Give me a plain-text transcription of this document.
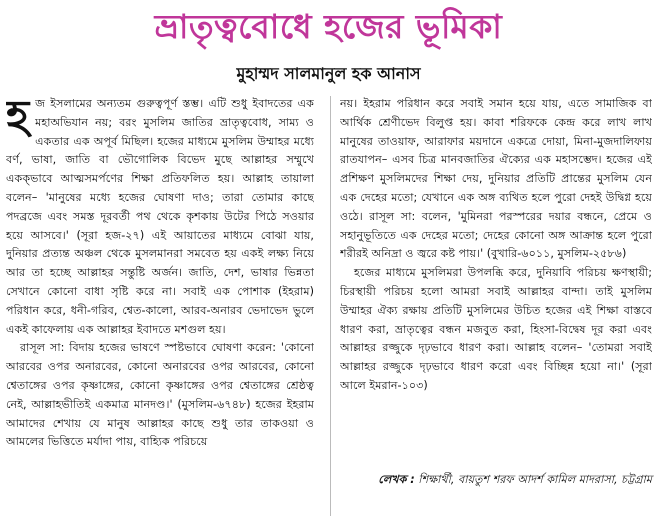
ভ্রাতৃত্ববোধে হজের ভূমিকা
মুহাম্মদ সালমানুল হক আনাস

হজ ইসলামের অন্যতম গুরুত্বপূর্ণ স্তম্ভ। এটি শুধু ইবাদতের এক মহাঅভিযান নয়; বরং মুসলিম জাতির ভ্রাতৃত্ববোধ, সাম্য ও একতার এক অপূর্ব মিছিল। হজের মাধ্যমে মুসলিম উম্মাহর মধ্যে বর্ণ, ভাষা, জাতি বা ভৌগোলিক বিভেদ মুছে আল্লাহর সম্মুখে একক্ভাবে আত্মসমর্পণের শিক্ষা প্রতিফলিত হয়। আল্লাহ তায়ালা বলেন– 'মানুষের মধ্যে হজের ঘোষণা দাও; তারা তোমার কাছে পদব্রজে এবং সমস্ত দূরবর্তী পথ থেকে কৃশকায় উটের পিঠে সওয়ার হয়ে আসবে।' (সূরা হজ-২৭) এই আয়াতের মাধ্যমে বোঝা যায়, দুনিয়ার প্রত্যন্ত অঞ্চল থেকে মুসলমানরা সমবেত হয় একই লক্ষ্য নিয়ে আর তা হচ্ছে আল্লাহর সন্তুষ্টি অর্জন। জাতি, দেশ, ভাষার ভিন্নতা সেখানে কোনো বাধা সৃষ্টি করে না। সবাই এক পোশাক (ইহরাম) পরিধান করে, ধনী-গরিব, শ্বেত-কালো, আরব-অনারব ভেদাভেদ ভুলে একই কাফেলায় এক আল্লাহর ইবাদতে মশগুল হয়।

রাসূল সা: বিদায় হজের ভাষণে স্পষ্টভাবে ঘোষণা করেন: 'কোনো আরবের ওপর অনারবের, কোনো অনারবের ওপর আরবের, কোনো শ্বেতাঙ্গের ওপর কৃষ্ণাঙ্গের, কোনো কৃষ্ণাঙ্গের ওপর শ্বেতাঙ্গের শ্রেষ্ঠত্ব নেই, আল্লাহভীতিই একমাত্র মানদণ্ড।' (মুসলিম-৬৭৪৮) হজের ইহরাম আমাদের শেখায় যে মানুষ আল্লাহর কাছে শুধু তার তাকওয়া ও আমলের ভিত্তিতে মর্যাদা পায়, বাহ্যিক পরিচয়ে

নয়। ইহরাম পরিধান করে সবাই সমান হয়ে যায়, এতে সামাজিক বা আর্থিক শ্রেণীভেদ বিলুপ্ত হয়। কাবা শরিফকে কেন্দ্র করে লাখ লাখ মানুষের তাওয়াফ, আরাফার ময়দানে একত্রে দোয়া, মিনা-মুজদালিফায় রাতযাপন– এসব চিত্র মানবজাতির ঐক্যের এক মহাসম্ভেদ। হজের এই প্রশিক্ষণ মুসলিমদের শিক্ষা দেয়, দুনিয়ার প্রতিটি প্রান্তের মুসলিম যেন এক দেহের মতো; যেখানে এক অঙ্গ ব্যথিত হলে পুরো দেহই উদ্বিগ্ন হয়ে ওঠে। রাসূল সা: বলেন, 'মুমিনরা পরস্পরের দয়ার বন্ধনে, প্রেমে ও সহানুভূতিতে এক দেহের মতো; দেহের কোনো অঙ্গ আক্রান্ত হলে পুরো শরীরই অনিদ্রা ও জ্বরে কষ্ট পায়।' (বুখারি-৬০১১, মুসলিম-২৫৮৬)

হজের মাধ্যমে মুসলিমরা উপলব্ধি করে, দুনিয়াবি পরিচয় ক্ষণস্থায়ী; চিরস্থায়ী পরিচয় হলো আমরা সবাই আল্লাহর বান্দা। তাই মুসলিম উম্মাহর ঐক্য রক্ষায় প্রতিটি মুসলিমের উচিত হজের এই শিক্ষা বাস্তবে ধারণ করা, ভ্রাতৃত্বের বন্ধন মজবুত করা, হিংসা-বিদ্বেষ দূর করা এবং আল্লাহর রজ্জুকে দৃঢ়ভাবে ধারণ করা। আল্লাহ বলেন– 'তোমরা সবাই আল্লাহর রজ্জুকে দৃঢ়ভাবে ধারণ করো এবং বিচ্ছিন্ন হয়ো না।' (সূরা আলে ইমরান-১০৩)

লেখক : শিক্ষার্থী, বায়তুশ শরফ আদর্শ কামিল মাদরাসা, চট্টগ্রাম
